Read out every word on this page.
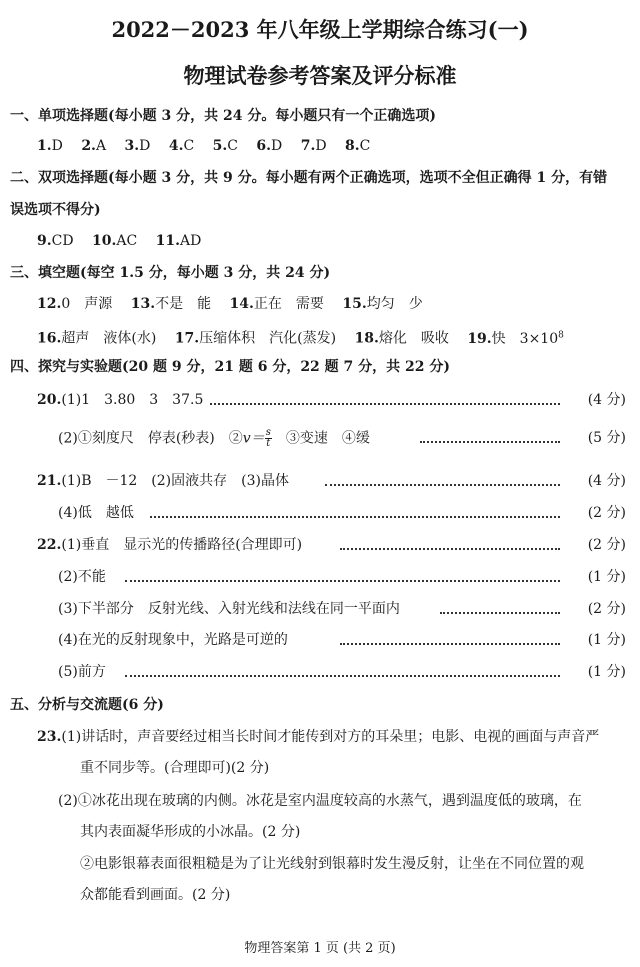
2022－2023 年八年级上学期综合练习(一)
物理试卷参考答案及评分标准
一、单项选择题(每小题 3 分，共 24 分。每小题只有一个正确选项)
1.D 2.A 3.D 4.C 5.C 6.D 7.D 8.C
二、双项选择题(每小题 3 分，共 9 分。每小题有两个正确选项，选项不全但正确得 1 分，有错
误选项不得分)
9.CD 10.AC 11.AD
三、填空题(每空 1.5 分，每小题 3 分，共 24 分)
12.0　声源 13.不是　能 14.正在　需要 15.均匀　少
16.超声　液体(水) 17.压缩体积　汽化(蒸发) 18.熔化　吸收 19.快　$3\times 10^8$
四、探究与实验题(20 题 9 分，21 题 6 分，22 题 7 分，共 22 分)
20.(1)1　3.80　3　37.5	(4 分)
(2)①刻度尺　停表(秒表)　②v＝ $\frac{s}{t}$ 　③变速　④缓	(5 分)
21.(1)B　－12　(2)固液共存　(3)晶体	(4 分)
(4)低　越低	(2 分)
22.(1)垂直　显示光的传播路径(合理即可)	(2 分)
(2)不能	(1 分)
(3)下半部分　反射光线、入射光线和法线在同一平面内	(2 分)
(4)在光的反射现象中，光路是可逆的	(1 分)
(5)前方	(1 分)
五、分析与交流题(6 分)
23.(1)讲话时，声音要经过相当长时间才能传到对方的耳朵里；电影、电视的画面与声音严
重不同步等。(合理即可)(2 分)
(2)①冰花出现在玻璃的内侧。冰花是室内温度较高的水蒸气，遇到温度低的玻璃，在
其内表面凝华形成的小冰晶。(2 分)
②电影银幕表面很粗糙是为了让光线射到银幕时发生漫反射，让坐在不同位置的观
众都能看到画面。(2 分)
物理答案第 1 页 (共 2 页)
